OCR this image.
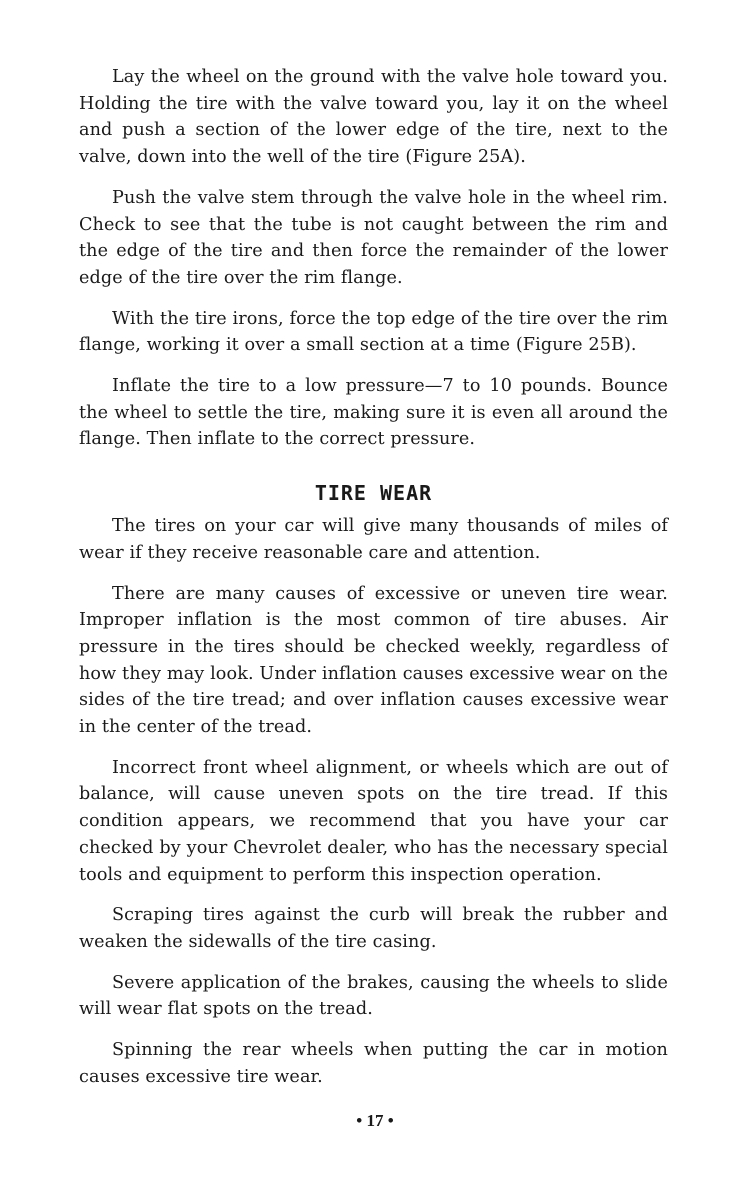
Lay the wheel on the ground with the valve hole toward you. Holding the tire with the valve toward you, lay it on the wheel and push a section of the lower edge of the tire, next to the valve, down into the well of the tire (Figure 25A).

Push the valve stem through the valve hole in the wheel rim. Check to see that the tube is not caught between the rim and the edge of the tire and then force the remainder of the lower edge of the tire over the rim flange.

With the tire irons, force the top edge of the tire over the rim flange, working it over a small section at a time (Figure 25B).

Inflate the tire to a low pressure—7 to 10 pounds. Bounce the wheel to settle the tire, making sure it is even all around the flange. Then inflate to the correct pressure.

TIRE WEAR

The tires on your car will give many thousands of miles of wear if they receive reasonable care and attention.

There are many causes of excessive or uneven tire wear. Improper inflation is the most common of tire abuses. Air pressure in the tires should be checked weekly, regardless of how they may look. Under inflation causes excessive wear on the sides of the tire tread; and over inflation causes excessive wear in the center of the tread.

Incorrect front wheel alignment, or wheels which are out of balance, will cause uneven spots on the tire tread. If this condition appears, we recommend that you have your car checked by your Chevrolet dealer, who has the necessary special tools and equipment to perform this inspection operation.

Scraping tires against the curb will break the rubber and weaken the sidewalls of the tire casing.

Severe application of the brakes, causing the wheels to slide will wear flat spots on the tread.

Spinning the rear wheels when putting the car in motion causes excessive tire wear.

• 17 •
